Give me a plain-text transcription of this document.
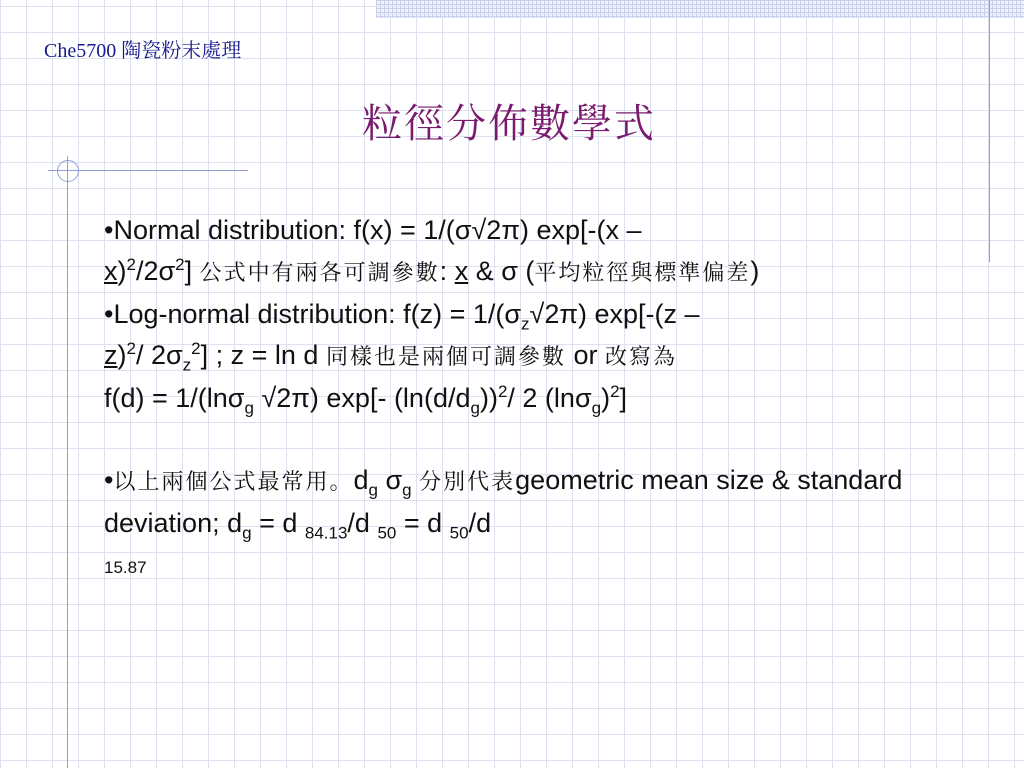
Che5700 陶瓷粉末處理
粒徑分佈數學式

•Normal distribution: f(x) = 1/(σ√2π) exp[-(x –
$x)^2/2\sigma^2$] 公式中有兩各可調參數: x & σ (平均粒徑與標準偏差)

•Log-normal distribution: $f(z) = 1/(\sigma_z√2\pi)$ exp[-(z –
z)$^2$/ $2\sigma_z^2$] ; z = ln d 同樣也是兩個可調參數 or 改寫為
f(d) = 1/(lnσ$_g$ √2π) exp[- $(\ln(d/d_g))^2/$ 2 $(\ln\sigma_g)^2$]

•以上兩個公式最常用。$d_g$ $\sigma_g$ 分別代表geometric mean size & standard deviation; $d_g = d$ $_{84.13}$/d $_{50}$ = d $_{50}$/d
15.87
